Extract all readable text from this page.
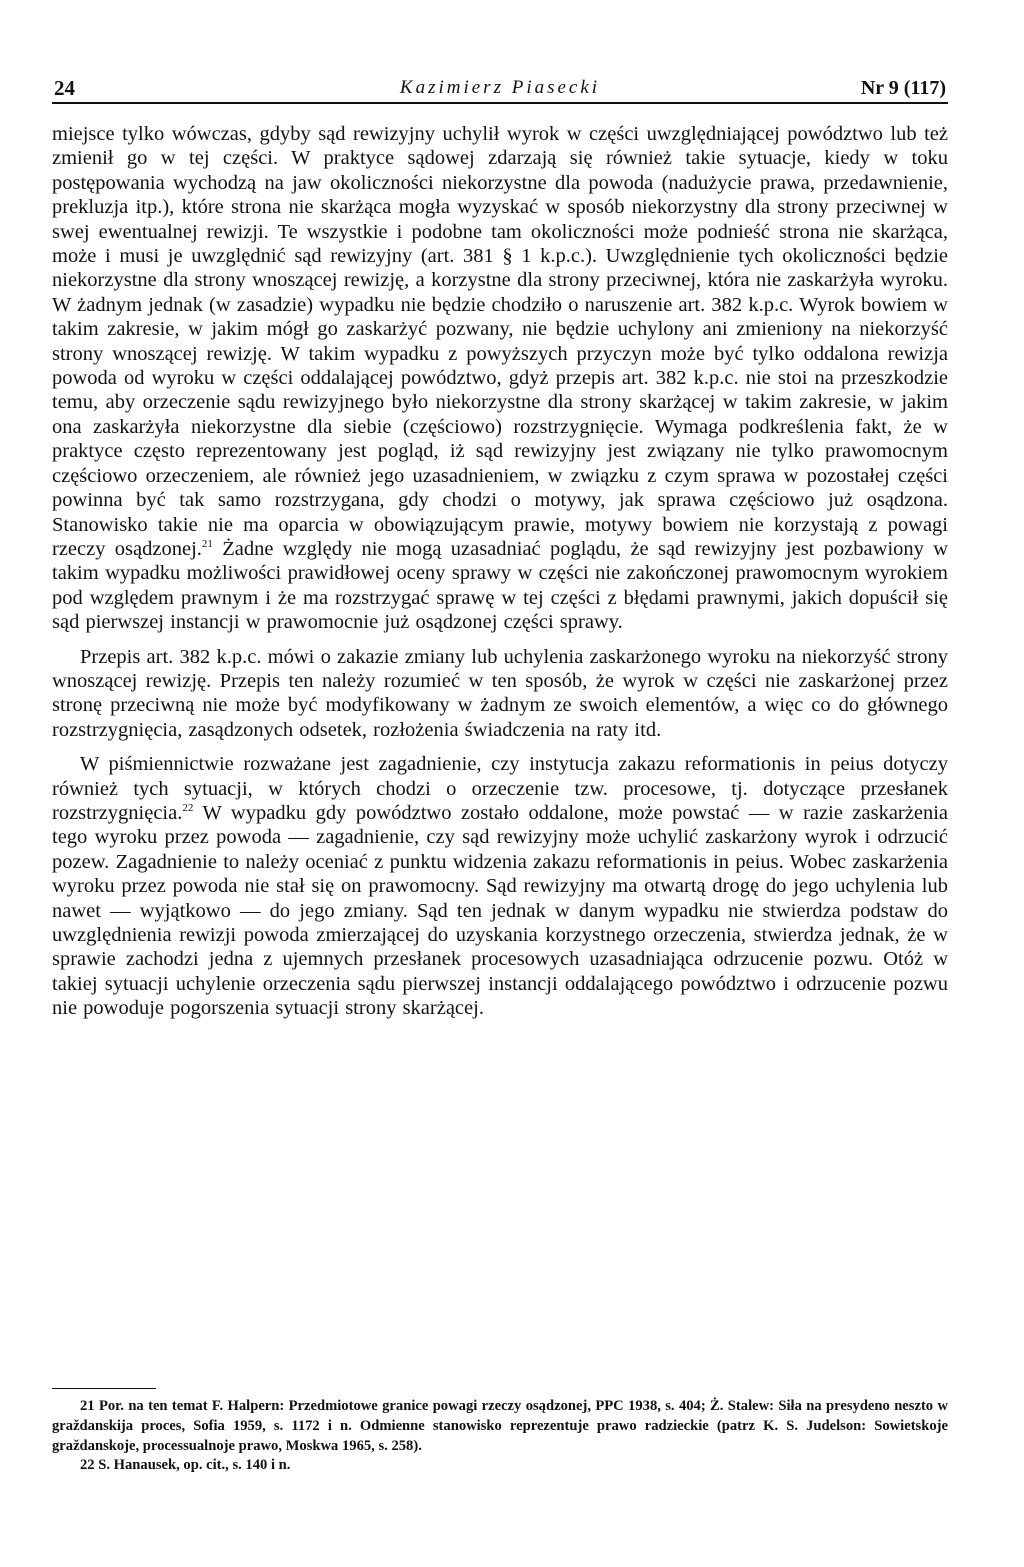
24	Kazimierz Piasecki	Nr 9 (117)

miejsce tylko wówczas, gdyby sąd rewizyjny uchylił wyrok w części uwzględniającej powództwo lub też zmienił go w tej części. W praktyce sądowej zdarzają się również takie sytuacje, kiedy w toku postępowania wychodzą na jaw okoliczności niekorzystne dla powoda (nadużycie prawa, przedawnienie, prekluzja itp.), które strona nie skarżąca mogła wyzyskać w sposób niekorzystny dla strony przeciwnej w swej ewentualnej rewizji. Te wszystkie i podobne tam okoliczności może podnieść strona nie skarżąca, może i musi je uwzględnić sąd rewizyjny (art. 381 § 1 k.p.c.). Uwzględnienie tych okoliczności będzie niekorzystne dla strony wnoszącej rewizję, a korzystne dla strony przeciwnej, która nie zaskarżyła wyroku. W żadnym jednak (w zasadzie) wypadku nie będzie chodziło o naruszenie art. 382 k.p.c. Wyrok bowiem w takim zakresie, w jakim mógł go zaskarżyć pozwany, nie będzie uchylony ani zmieniony na niekorzyść strony wnoszącej rewizję. W takim wypadku z powyższych przyczyn może być tylko oddalona rewizja powoda od wyroku w części oddalającej powództwo, gdyż przepis art. 382 k.p.c. nie stoi na przeszkodzie temu, aby orzeczenie sądu rewizyjnego było niekorzystne dla strony skarżącej w takim zakresie, w jakim ona zaskarżyła niekorzystne dla siebie (częściowo) rozstrzygnięcie. Wymaga podkreślenia fakt, że w praktyce często reprezentowany jest pogląd, iż sąd rewizyjny jest związany nie tylko prawomocnym częściowo orzeczeniem, ale również jego uzasadnieniem, w związku z czym sprawa w pozostałej części powinna być tak samo rozstrzygana, gdy chodzi o motywy, jak sprawa częściowo już osądzona. Stanowisko takie nie ma oparcia w obowiązującym prawie, motywy bowiem nie korzystają z powagi rzeczy osądzonej.$^{21}$ Żadne względy nie mogą uzasadniać poglądu, że sąd rewizyjny jest pozbawiony w takim wypadku możliwości prawidłowej oceny sprawy w części nie zakończonej prawomocnym wyrokiem pod względem prawnym i że ma rozstrzygać sprawę w tej części z błędami prawnymi, jakich dopuścił się sąd pierwszej instancji w prawomocnie już osądzonej części sprawy.

Przepis art. 382 k.p.c. mówi o zakazie zmiany lub uchylenia zaskarżonego wyroku na niekorzyść strony wnoszącej rewizję. Przepis ten należy rozumieć w ten sposób, że wyrok w części nie zaskarżonej przez stronę przeciwną nie może być modyfikowany w żadnym ze swoich elementów, a więc co do głównego rozstrzygnięcia, zasądzonych odsetek, rozłożenia świadczenia na raty itd.

W piśmiennictwie rozważane jest zagadnienie, czy instytucja zakazu reformationis in peius dotyczy również tych sytuacji, w których chodzi o orzeczenie tzw. procesowe, tj. dotyczące przesłanek rozstrzygnięcia.$^{22}$ W wypadku gdy powództwo zostało oddalone, może powstać — w razie zaskarżenia tego wyroku przez powoda — zagadnienie, czy sąd rewizyjny może uchylić zaskarżony wyrok i odrzucić pozew. Zagadnienie to należy oceniać z punktu widzenia zakazu reformationis in peius. Wobec zaskarżenia wyroku przez powoda nie stał się on prawomocny. Sąd rewizyjny ma otwartą drogę do jego uchylenia lub nawet — wyjątkowo — do jego zmiany. Sąd ten jednak w danym wypadku nie stwierdza podstaw do uwzględnienia rewizji powoda zmierzającej do uzyskania korzystnego orzeczenia, stwierdza jednak, że w sprawie zachodzi jedna z ujemnych przesłanek procesowych uzasadniająca odrzucenie pozwu. Otóż w takiej sytuacji uchylenie orzeczenia sądu pierwszej instancji oddalającego powództwo i odrzucenie pozwu nie powoduje pogorszenia sytuacji strony skarżącej.

21 Por. na ten temat F. Halpern: Przedmiotowe granice powagi rzeczy osądzonej, PPC 1938, s. 404; Ż. Stalew: Siła na presydeno neszto w graždanskija proces, Sofia 1959, s. 1172 i n. Odmienne stanowisko reprezentuje prawo radzieckie (patrz K. S. Judelson: Sowietskoje graždanskoje, processualnoje prawo, Moskwa 1965, s. 258).

22 S. Hanausek, op. cit., s. 140 i n.
